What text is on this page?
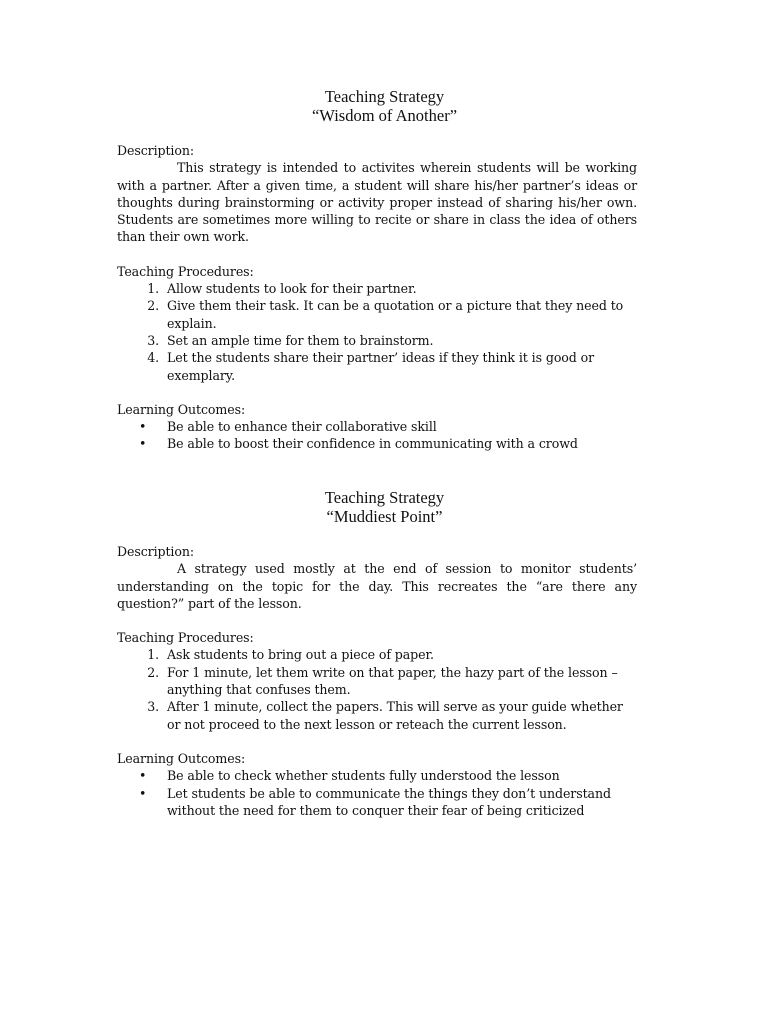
Teaching Strategy
“Wisdom of Another”
Description:
This strategy is intended to activites wherein students will be working with a partner. After a given time, a student will share his/her partner’s ideas or thoughts during brainstorming or activity proper instead of sharing his/her own. Students are sometimes more willing to recite or share in class the idea of others than their own work.
Teaching Procedures:
1. Allow students to look for their partner.
2. Give them their task. It can be a quotation or a picture that they need to explain.
3. Set an ample time for them to brainstorm.
4. Let the students share their partner’ ideas if they think it is good or exemplary.
Learning Outcomes:
• Be able to enhance their collaborative skill
• Be able to boost their confidence in communicating with a crowd
Teaching Strategy
“Muddiest Point”
Description:
A strategy used mostly at the end of session to monitor students’ understanding on the topic for the day. This recreates the “are there any question?” part of the lesson.
Teaching Procedures:
1. Ask students to bring out a piece of paper.
2. For 1 minute, let them write on that paper, the hazy part of the lesson – anything that confuses them.
3. After 1 minute, collect the papers. This will serve as your guide whether or not proceed to the next lesson or reteach the current lesson.
Learning Outcomes:
• Be able to check whether students fully understood the lesson
• Let students be able to communicate the things they don’t understand without the need for them to conquer their fear of being criticized
